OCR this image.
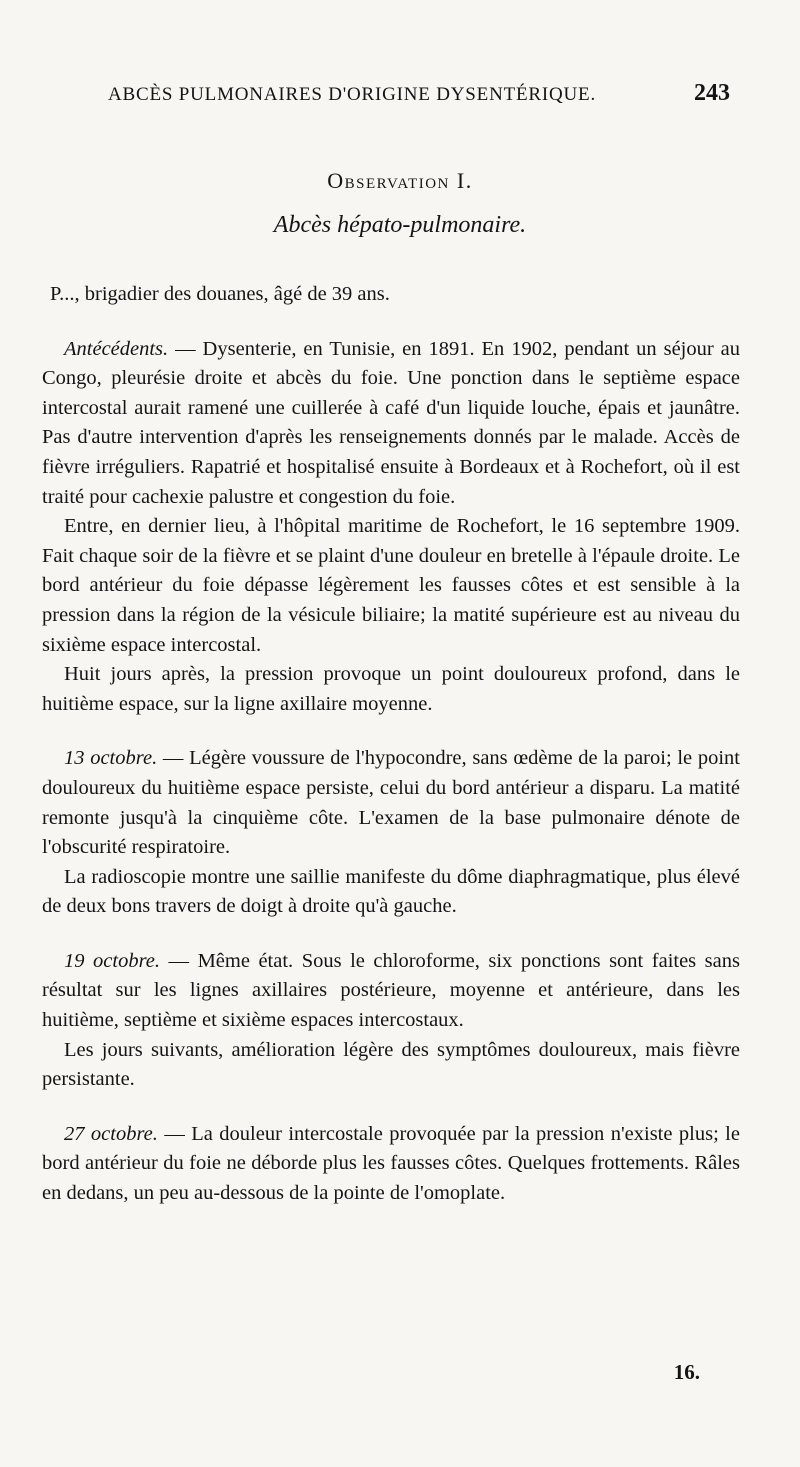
ABCÈS PULMONAIRES D'ORIGINE DYSENTÉRIQUE.	243
Observation I.
Abcès hépato-pulmonaire.

P..., brigadier des douanes, âgé de 39 ans.

Antécédents. — Dysenterie, en Tunisie, en 1891. En 1902, pendant un séjour au Congo, pleurésie droite et abcès du foie. Une ponction dans le septième espace intercostal aurait ramené une cuillerée à café d'un liquide louche, épais et jaunâtre. Pas d'autre intervention d'après les renseignements donnés par le malade. Accès de fièvre irréguliers. Rapatrié et hospitalisé ensuite à Bordeaux et à Rochefort, où il est traité pour cachexie palustre et congestion du foie.

Entre, en dernier lieu, à l'hôpital maritime de Rochefort, le 16 septembre 1909. Fait chaque soir de la fièvre et se plaint d'une douleur en bretelle à l'épaule droite. Le bord antérieur du foie dépasse légèrement les fausses côtes et est sensible à la pression dans la région de la vésicule biliaire; la matité supérieure est au niveau du sixième espace intercostal.

Huit jours après, la pression provoque un point douloureux profond, dans le huitième espace, sur la ligne axillaire moyenne.

13 octobre. — Légère voussure de l'hypocondre, sans œdème de la paroi; le point douloureux du huitième espace persiste, celui du bord antérieur a disparu. La matité remonte jusqu'à la cinquième côte. L'examen de la base pulmonaire dénote de l'obscurité respiratoire.

La radioscopie montre une saillie manifeste du dôme diaphragmatique, plus élevé de deux bons travers de doigt à droite qu'à gauche.

19 octobre. — Même état. Sous le chloroforme, six ponctions sont faites sans résultat sur les lignes axillaires postérieure, moyenne et antérieure, dans les huitième, septième et sixième espaces intercostaux.

Les jours suivants, amélioration légère des symptômes douloureux, mais fièvre persistante.

27 octobre. — La douleur intercostale provoquée par la pression n'existe plus; le bord antérieur du foie ne déborde plus les fausses côtes. Quelques frottements. Râles en dedans, un peu au-dessous de la pointe de l'omoplate.

16.
